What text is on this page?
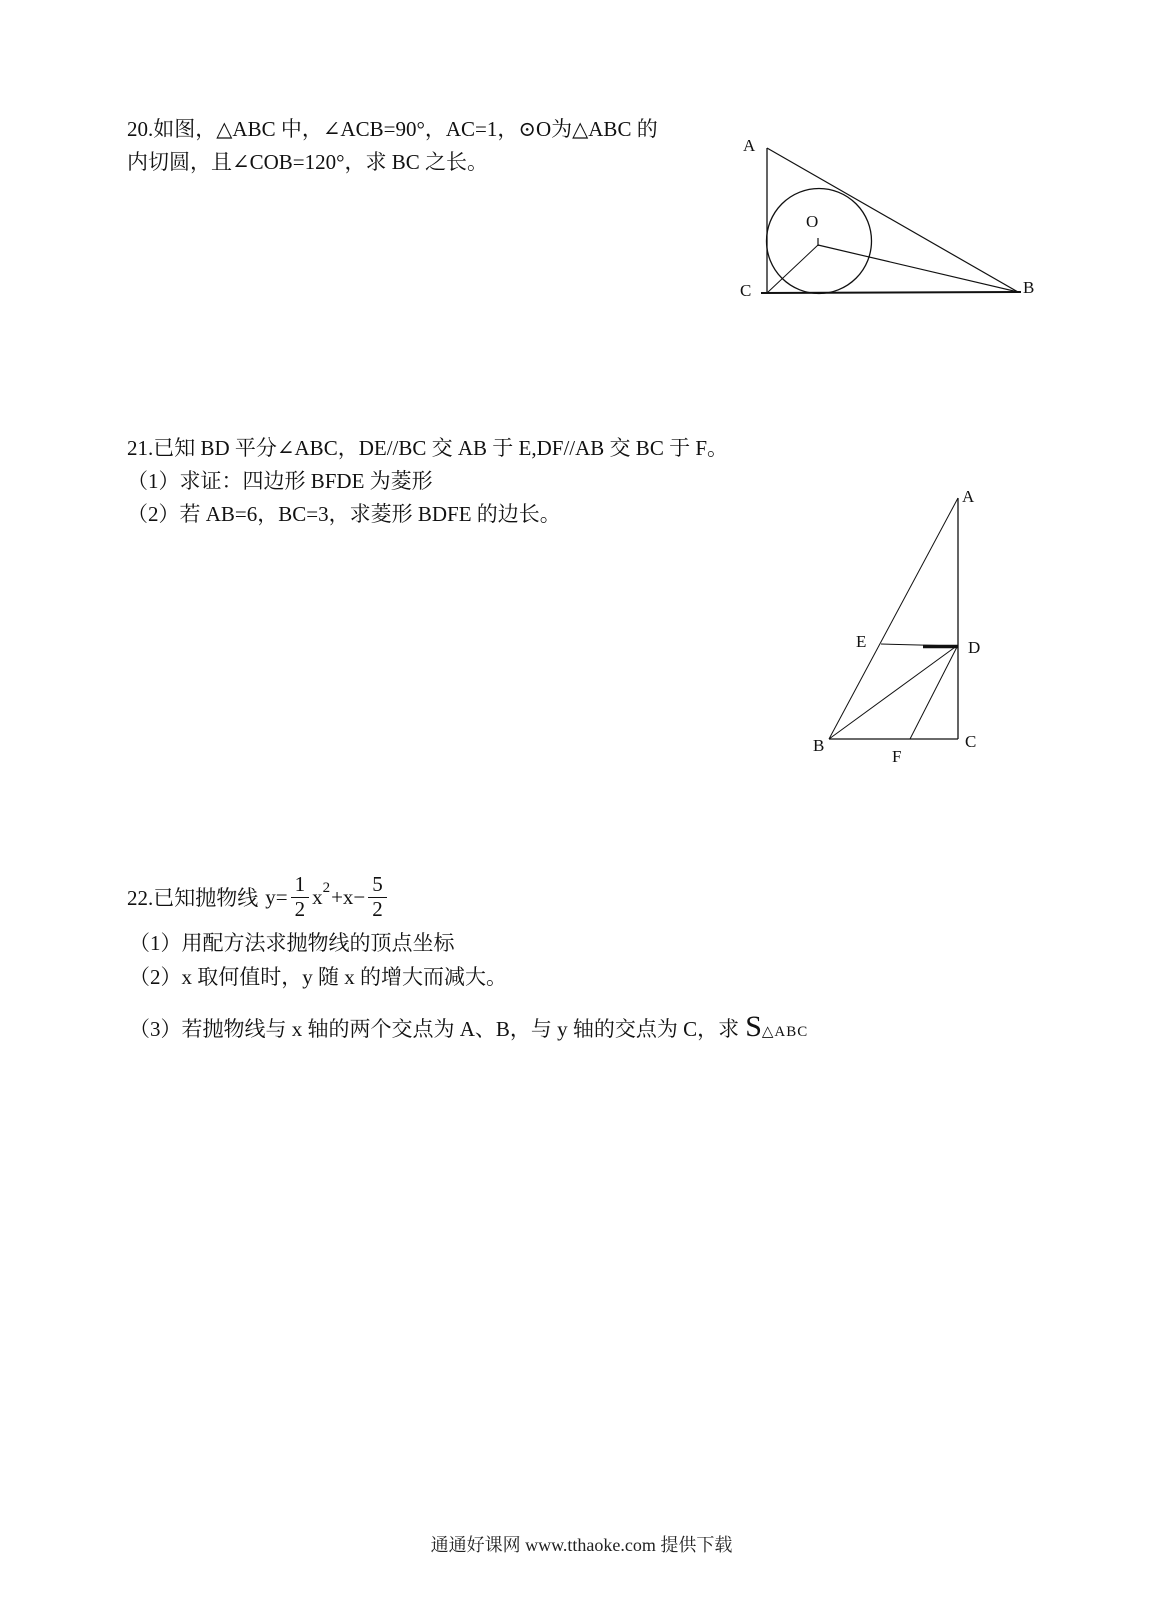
20.如图，△ABC 中，∠ACB=90°，AC=1，⊙O为△ABC 的
内切圆，且∠COB=120°，求 BC 之长。
A
C	B
O
21.已知 BD 平分∠ABC，DE//BC 交 AB 于 E,DF//AB 交 BC 于 F。
（1）求证：四边形 BFDE 为菱形
（2）若 AB=6，BC=3，求菱形 BDFE 的边长。
A
E	D
B
F
C
22.已知抛物线 $y= \frac{1}{2}$ x $2 +x- \frac{5}{2}$
（1）用配方法求抛物线的顶点坐标
（2）x 取何值时，y 随 x 的增大而减大。
（3）若抛物线与 x 轴的两个交点为 A、B，与 y 轴的交点为 C，求 S △ABC
通通好课网 www.tthaoke.com 提供下载
